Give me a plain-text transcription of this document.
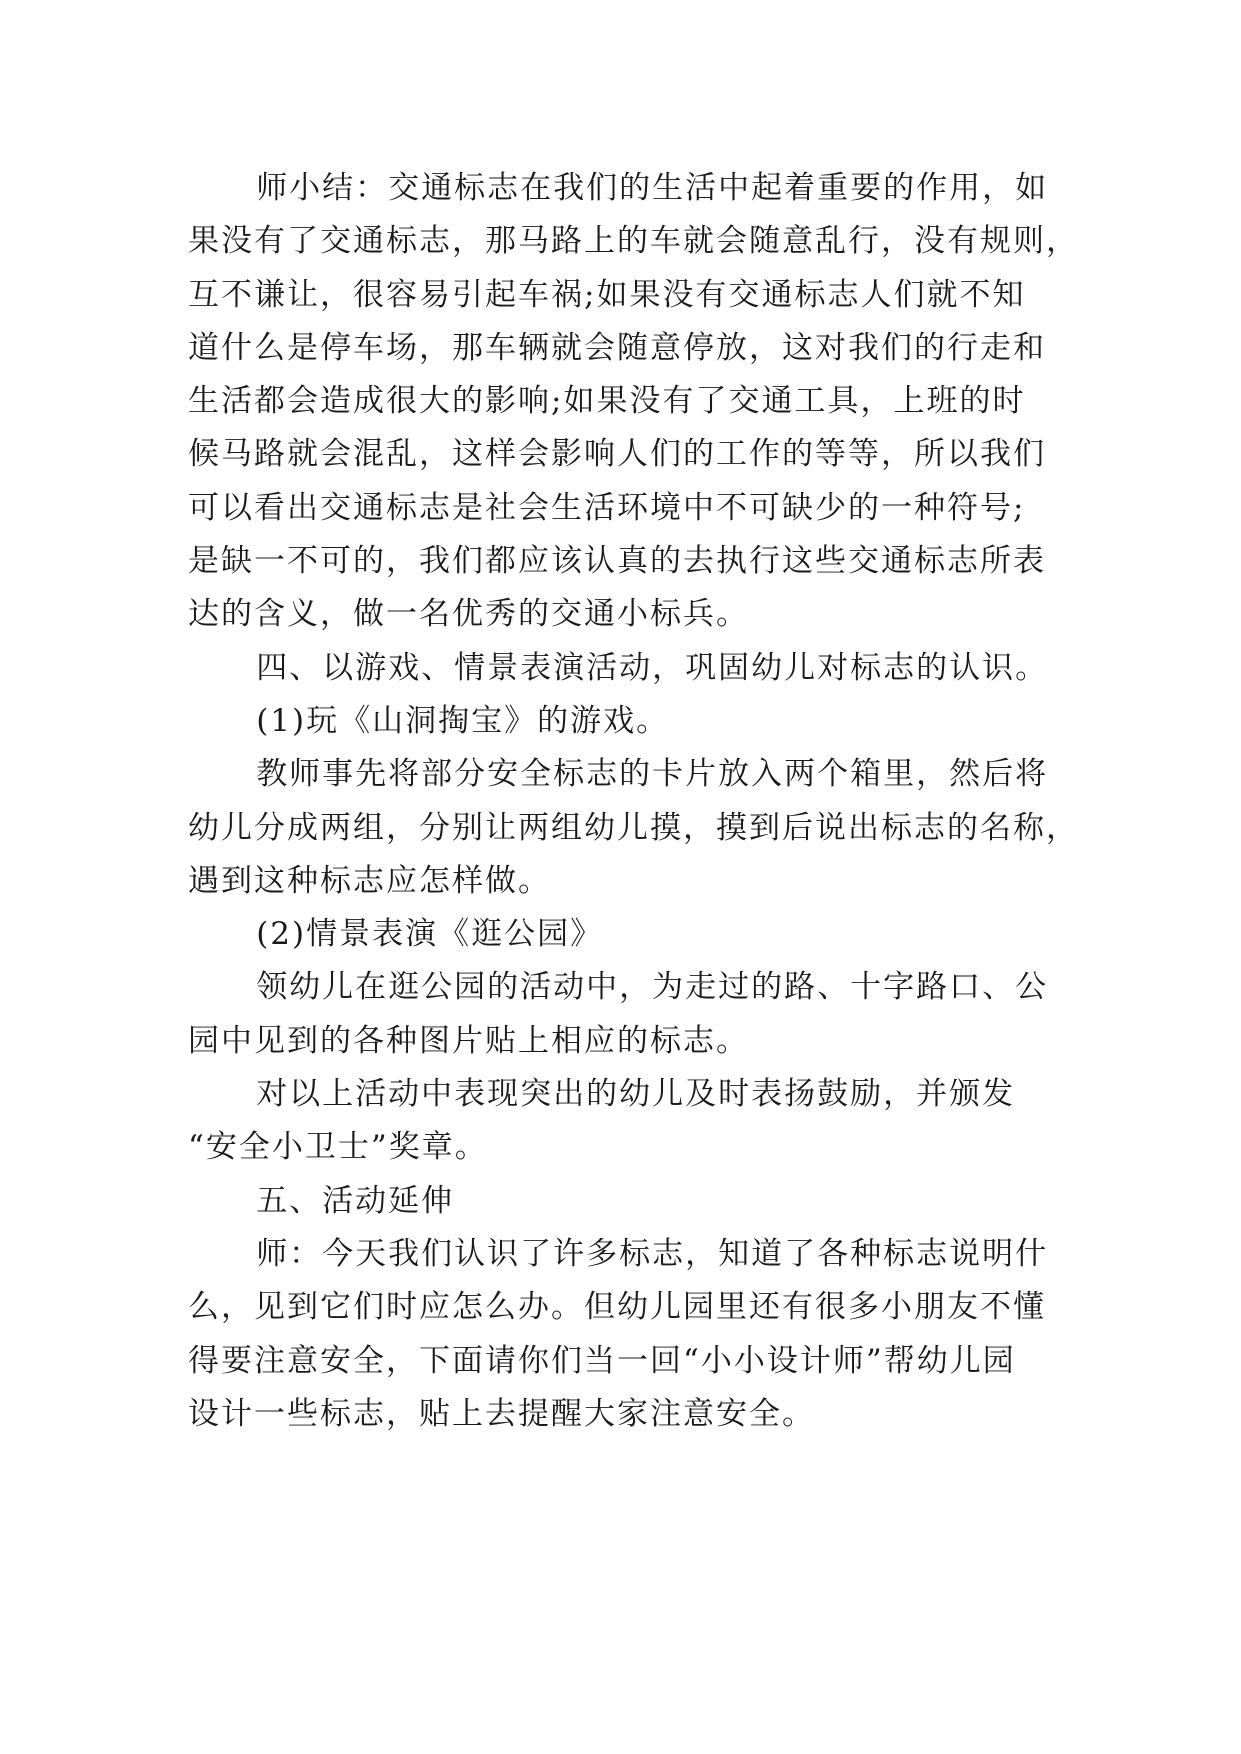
师小结：交通标志在我们的生活中起着重要的作用，如
果没有了交通标志，那马路上的车就会随意乱行，没有规则，
互不谦让，很容易引起车祸;如果没有交通标志人们就不知
道什么是停车场，那车辆就会随意停放，这对我们的行走和
生活都会造成很大的影响;如果没有了交通工具，上班的时
候马路就会混乱，这样会影响人们的工作的等等，所以我们
可以看出交通标志是社会生活环境中不可缺少的一种符号;
是缺一不可的，我们都应该认真的去执行这些交通标志所表
达的含义，做一名优秀的交通小标兵。

四、以游戏、情景表演活动，巩固幼儿对标志的认识。

(1)玩《山洞掏宝》的游戏。

教师事先将部分安全标志的卡片放入两个箱里，然后将
幼儿分成两组，分别让两组幼儿摸，摸到后说出标志的名称，
遇到这种标志应怎样做。

(2)情景表演《逛公园》

领幼儿在逛公园的活动中，为走过的路、十字路口、公
园中见到的各种图片贴上相应的标志。

对以上活动中表现突出的幼儿及时表扬鼓励，并颁发
“安全小卫士”奖章。

五、活动延伸

师：今天我们认识了许多标志，知道了各种标志说明什
么，见到它们时应怎么办。但幼儿园里还有很多小朋友不懂
得要注意安全，下面请你们当一回“小小设计师”帮幼儿园
设计一些标志，贴上去提醒大家注意安全。
